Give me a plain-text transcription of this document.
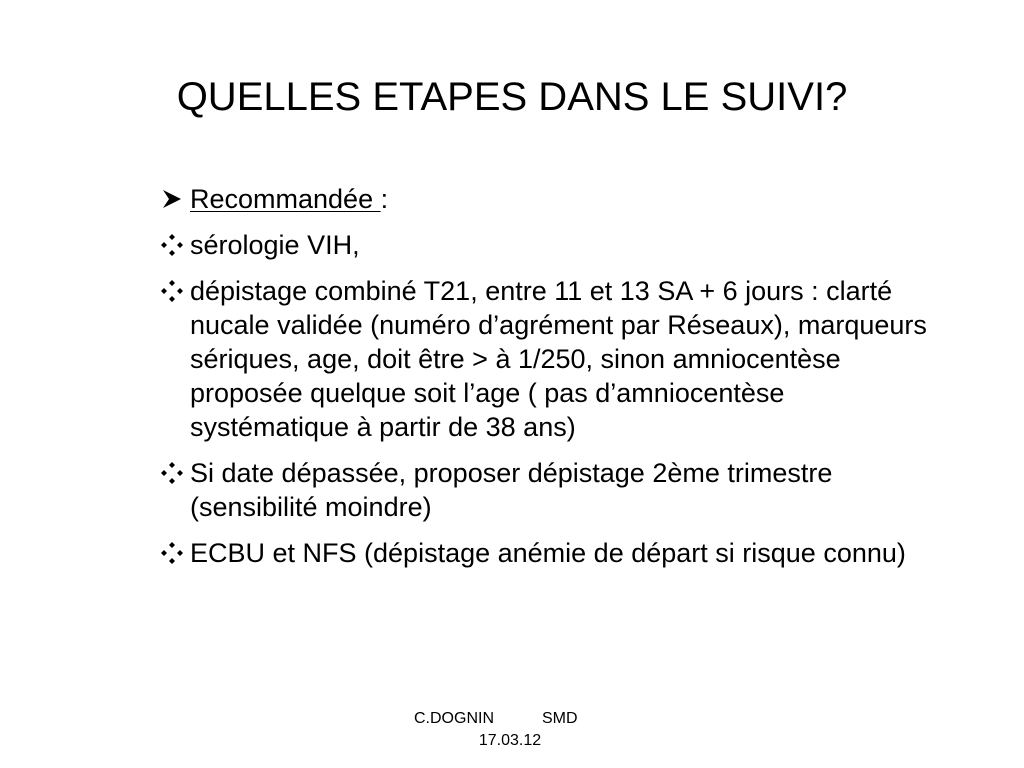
QUELLES ETAPES DANS LE SUIVI?
Recommandée :
sérologie VIH,
dépistage combiné T21, entre 11 et 13 SA + 6 jours : clarté nucale validée (numéro d’agrément par Réseaux), marqueurs sériques, age, doit être > à 1/250, sinon amniocentèse proposée quelque soit l’age ( pas d’amniocentèse systématique à partir de 38 ans)
Si date dépassée, proposer dépistage 2ème trimestre (sensibilité moindre)
ECBU et NFS (dépistage anémie de départ si risque connu)
C.DOGNIN	SMD
17.03.12
